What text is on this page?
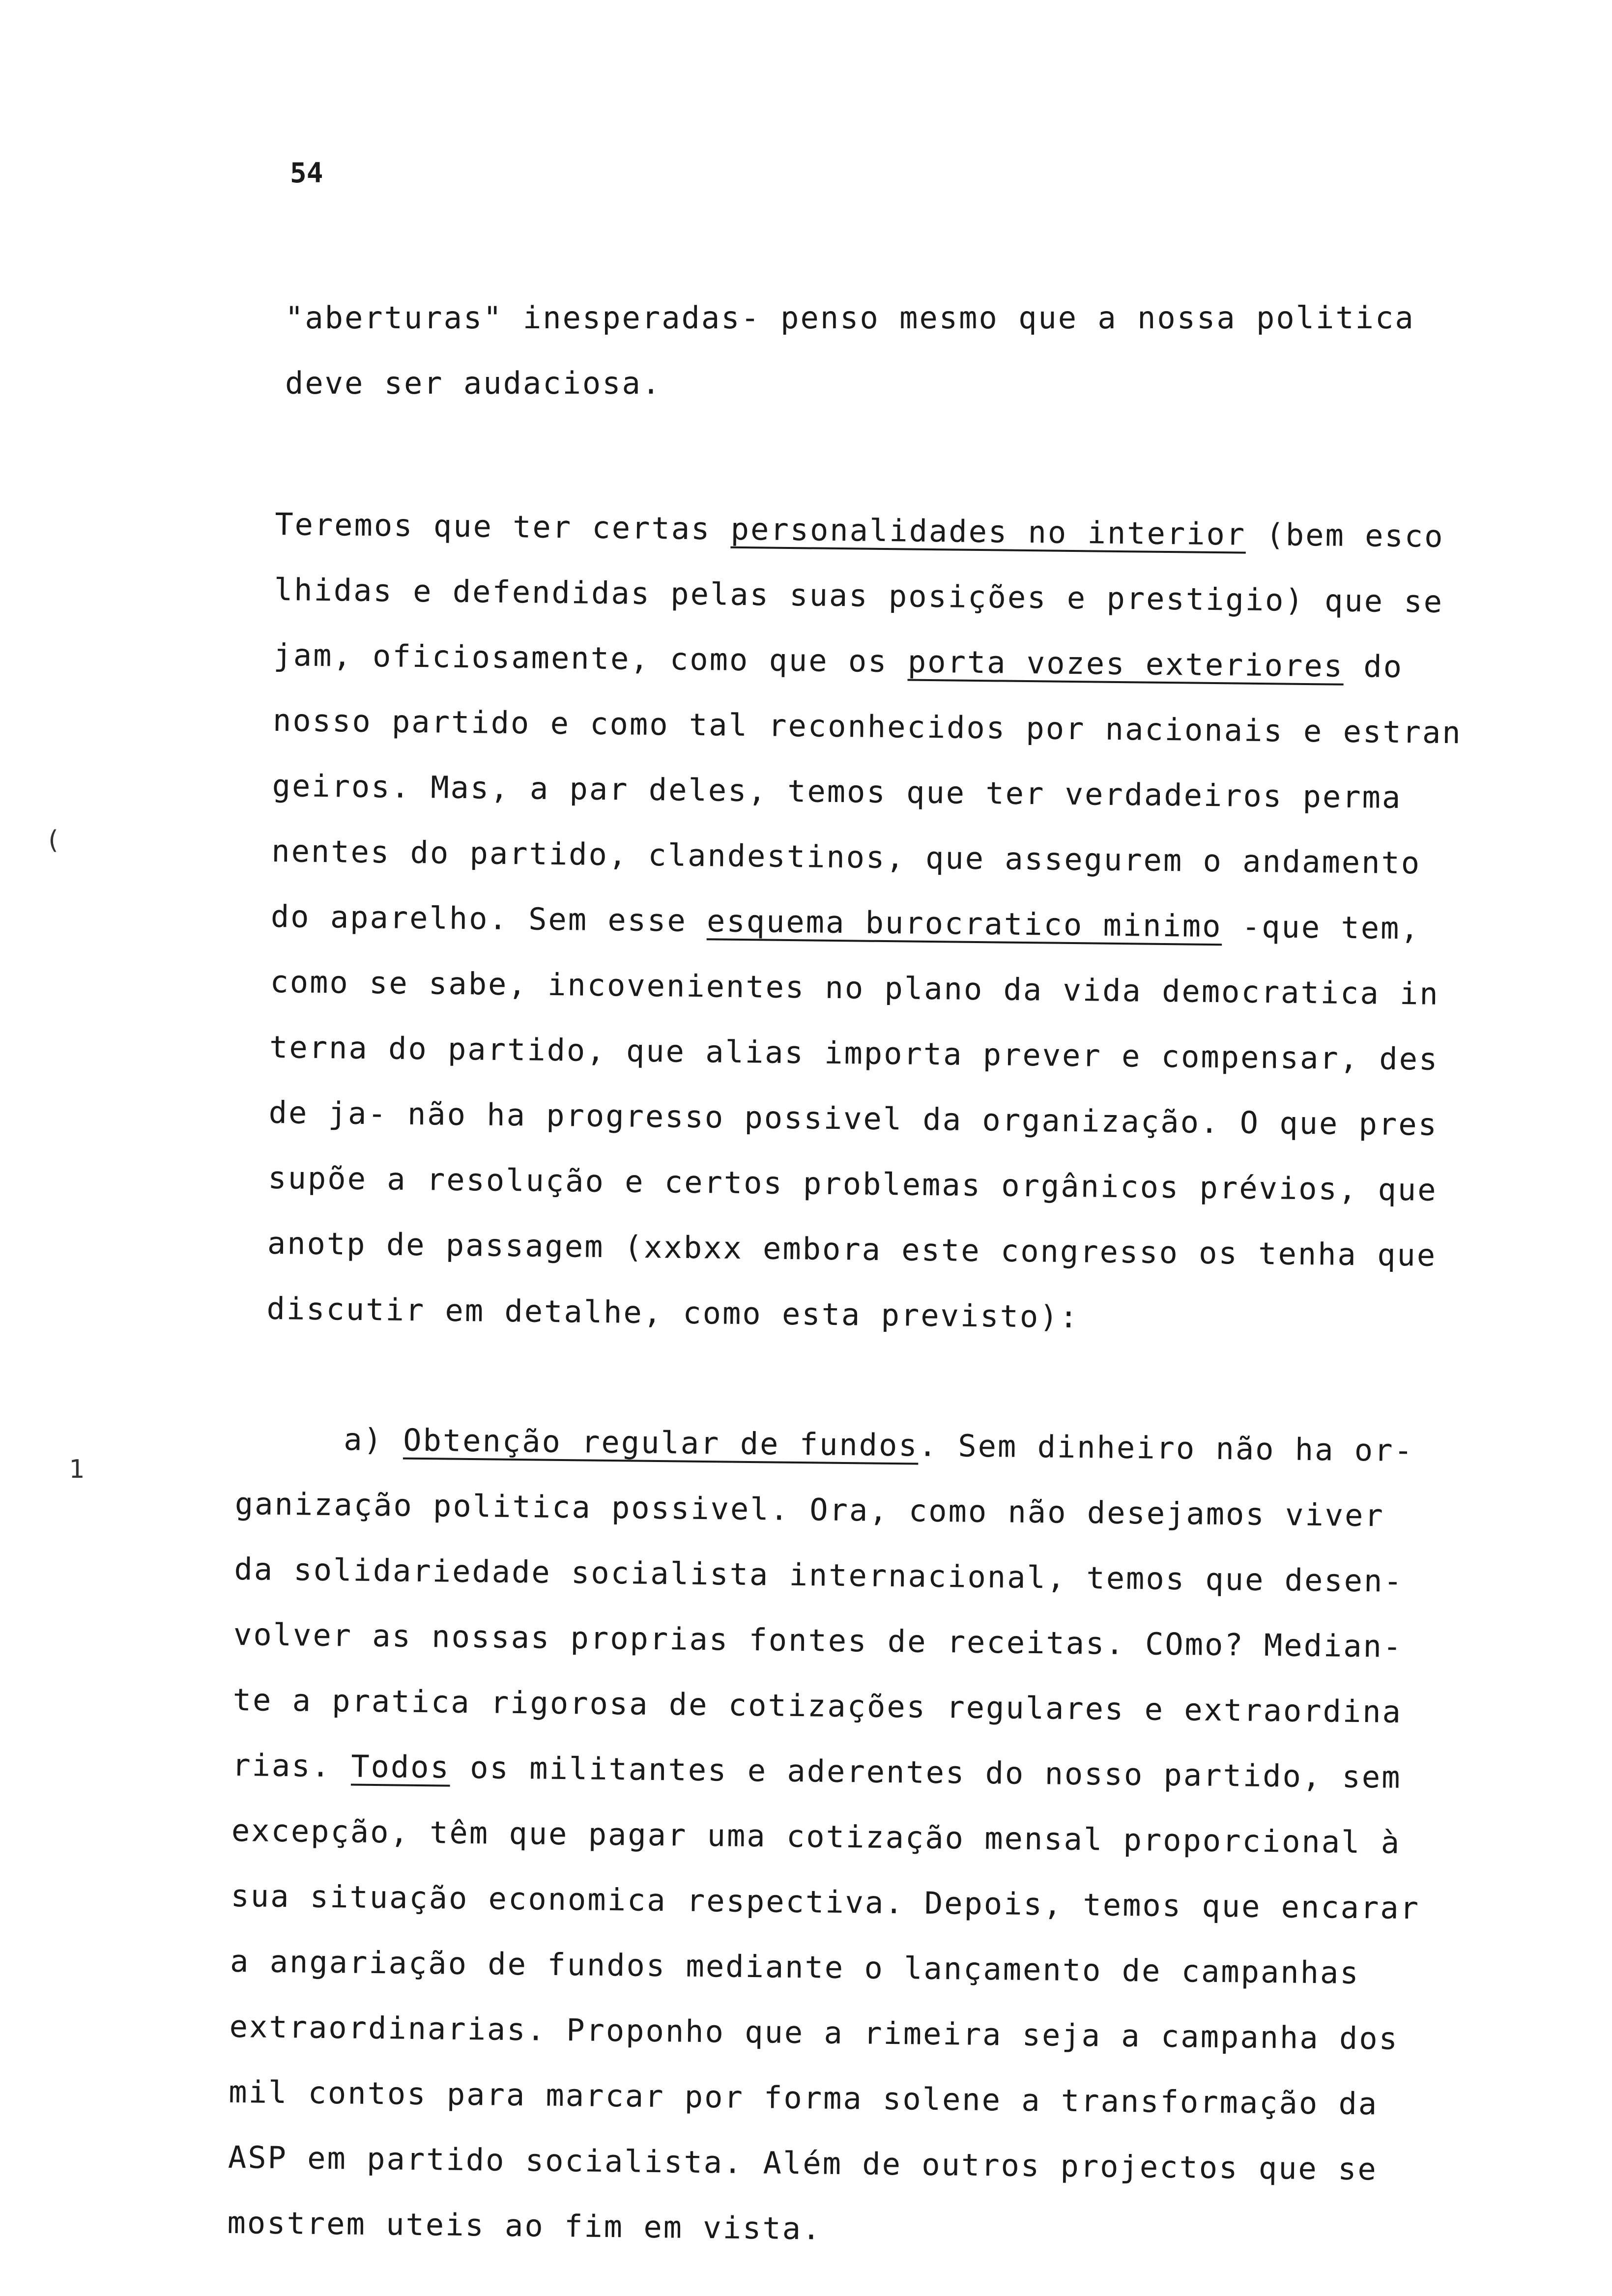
54
"aberturas" inesperadas- penso mesmo que a nossa politica
deve ser audaciosa.
Teremos que ter certas personalidades no interior (bem esco
lhidas e defendidas pelas suas posições e prestigio) que se
jam, oficiosamente, como que os porta vozes exteriores do
nosso partido e como tal reconhecidos por nacionais e estran
geiros. Mas, a par deles, temos que ter verdadeiros perma
nentes do partido, clandestinos, que assegurem o andamento
do aparelho. Sem esse esquema burocratico minimo -que tem,
como se sabe, incovenientes no plano da vida democratica in
terna do partido, que alias importa prever e compensar, des
de ja- não ha progresso possivel da organização. O que pres
supõe a resolução e certos problemas orgânicos prévios, que
anotp de passagem (xxbxx embora este congresso os tenha que
discutir em detalhe, como esta previsto):
a) Obtenção regular de fundos. Sem dinheiro não ha or-
ganização politica possivel. Ora, como não desejamos viver
da solidariedade socialista internacional, temos que desen-
volver as nossas proprias fontes de receitas. COmo? Median-
te a pratica rigorosa de cotizações regulares e extraordina
rias. Todos os militantes e aderentes do nosso partido, sem
excepção, têm que pagar uma cotização mensal proporcional à
sua situação economica respectiva. Depois, temos que encarar
a angariação de fundos mediante o lançamento de campanhas
extraordinarias. Proponho que a rimeira seja a campanha dos
mil contos para marcar por forma solene a transformação da
ASP em partido socialista. Além de outros projectos que se
mostrem uteis ao fim em vista.
(
1
